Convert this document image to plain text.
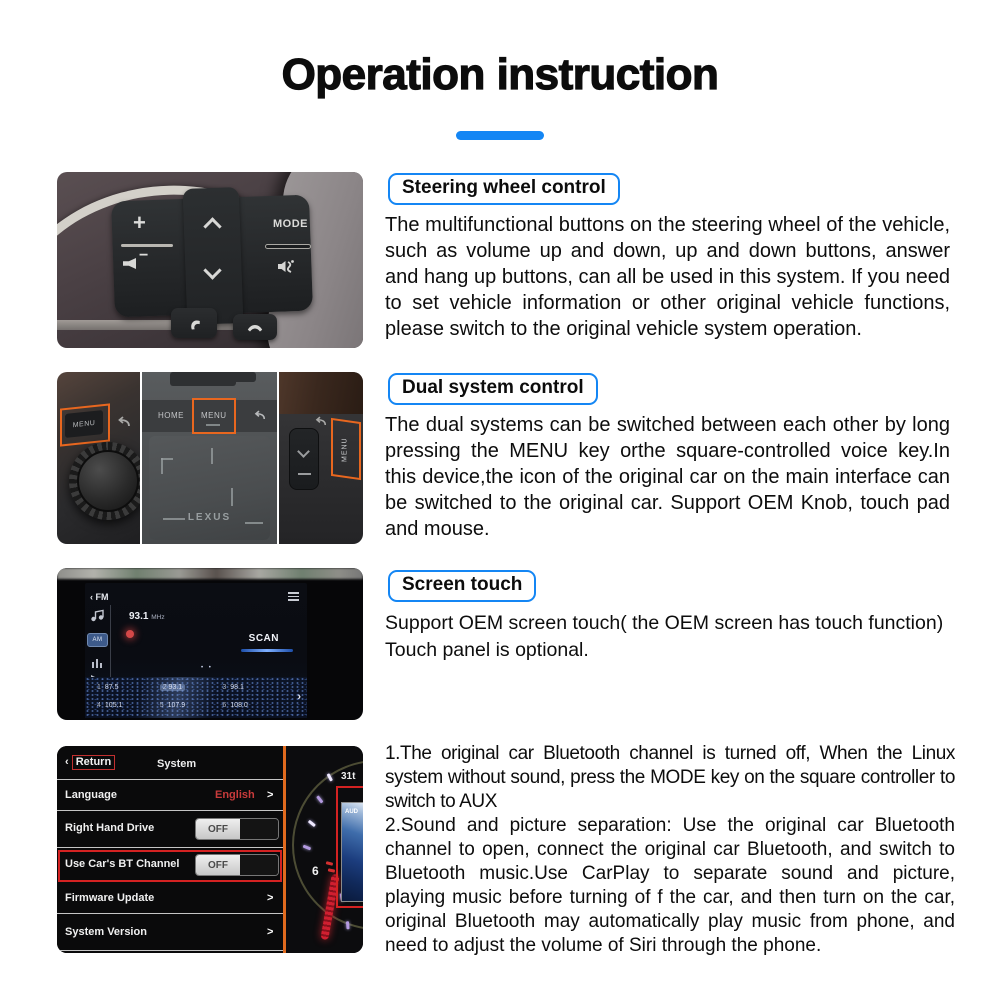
Operation instruction
+
−
MODE
Steering wheel control
The multifunctional buttons on the steering wheel of the vehicle, such as volume up and down, up and down buttons, answer and hang up buttons, can all be used in this system. If you need to set vehicle information or other original vehicle functions, please switch to the original vehicle system operation.
MENU
HOME MENU
LEXUS
MENU
Dual system control
The dual systems can be switched between each other by long pressing the MENU key orthe square-controlled voice key.In this device,the icon of the original car on the main interface can be switched to the original car. Support OEM Knob, touch pad and mouse.
‹ FM
AM
93.1 MHz
SCAN
• •
1 87.5	2 93.1	3 98.1
4 105.1	5 107.9	6 108.0
›
Screen touch
Support OEM screen touch( the OEM screen has touch function) Touch panel is optional.
‹ Return	System
Language	English >
Right Hand Drive	OFF
Use Car's BT Channel	OFF
Firmware Update	>
System Version	>
6
31t
AUD

1.The original car Bluetooth channel is turned off, When the Linux system without sound, press the MODE key on the square controller to switch to AUX

2.Sound and picture separation: Use the original car Bluetooth channel to open, connect the original car Bluetooth, and switch to Bluetooth music.Use CarPlay to separate sound and picture, playing music before turning of f the car, and then turn on the car, original Bluetooth may automatically play music from phone, and need to adjust the volume of Siri through the phone.
